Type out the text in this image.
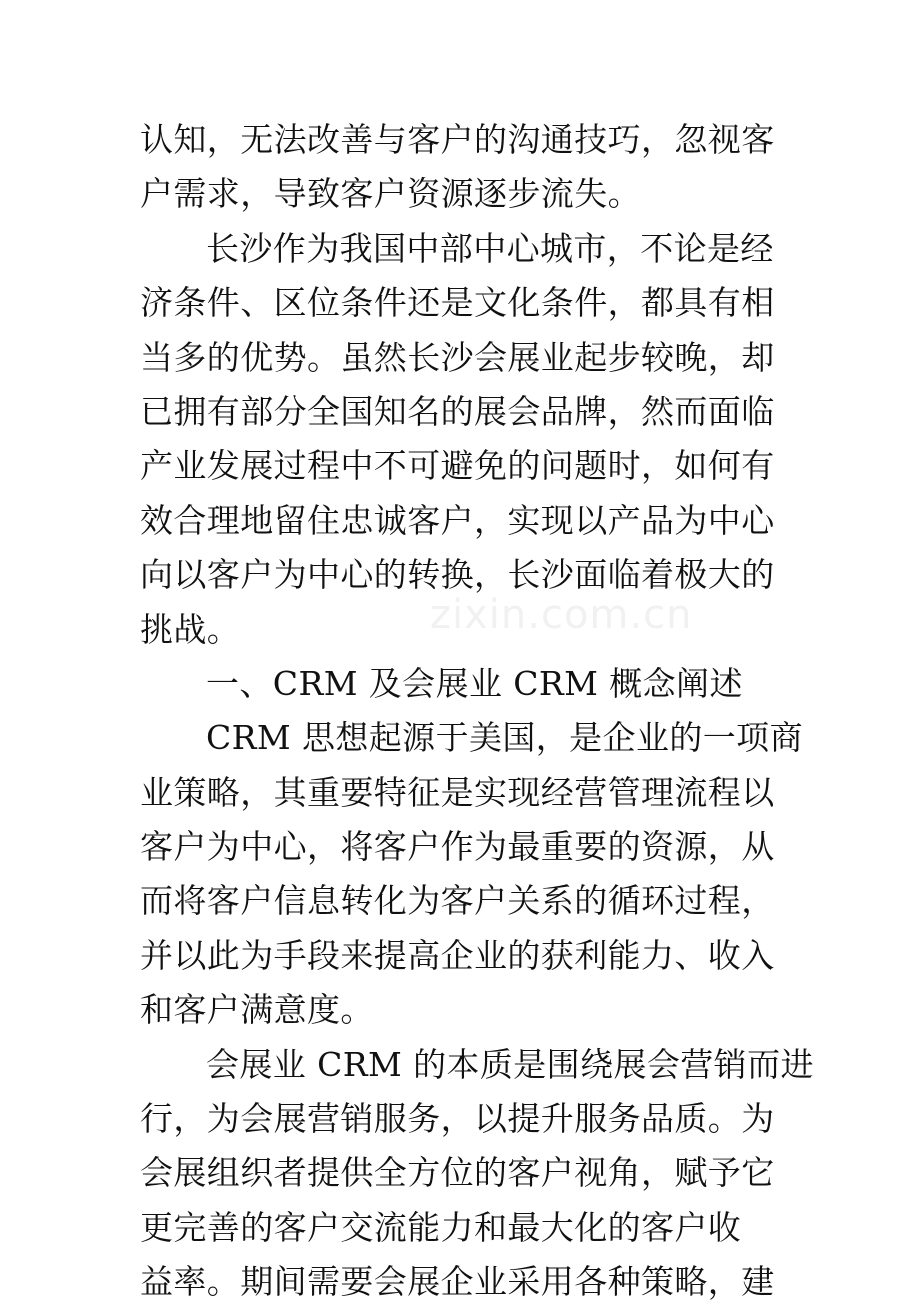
认知，无法改善与客户的沟通技巧，忽视客
户需求，导致客户资源逐步流失。
长沙作为我国中部中心城市，不论是经
济条件、区位条件还是文化条件，都具有相
当多的优势。虽然长沙会展业起步较晚，却
已拥有部分全国知名的展会品牌，然而面临
产业发展过程中不可避免的问题时，如何有
效合理地留住忠诚客户，实现以产品为中心
向以客户为中心的转换，长沙面临着极大的
挑战。
一、CRM 及会展业 CRM 概念阐述
CRM 思想起源于美国，是企业的一项商
业策略，其重要特征是实现经营管理流程以
客户为中心，将客户作为最重要的资源，从
而将客户信息转化为客户关系的循环过程，
并以此为手段来提高企业的获利能力、收入
和客户满意度。
会展业 CRM 的本质是围绕展会营销而进
行，为会展营销服务，以提升服务品质。为
会展组织者提供全方位的客户视角，赋予它
更完善的客户交流能力和最大化的客户收
益率。期间需要会展企业采用各种策略，建
zixin.com.cn
